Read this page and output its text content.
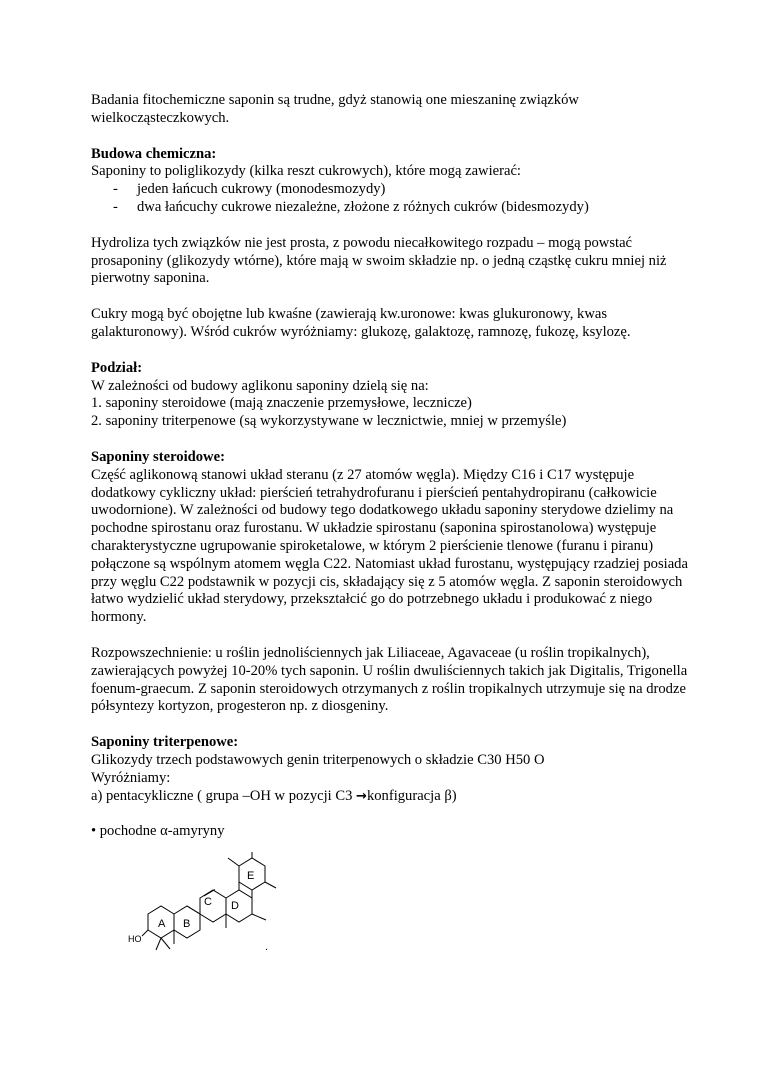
Badania fitochemiczne saponin są trudne, gdyż stanowią one mieszaninę związków wielkocząsteczkowych.

Budowa chemiczna:

Saponiny to poliglikozydy (kilka reszt cukrowych), które mogą zawierać:

- jeden łańcuch cukrowy (monodesmozydy)

- dwa łańcuchy cukrowe niezależne, złożone z różnych cukrów (bidesmozydy)

Hydroliza tych związków nie jest prosta, z powodu niecałkowitego rozpadu – mogą powstać prosaponiny (glikozydy wtórne), które mają w swoim składzie np. o jedną cząstkę cukru mniej niż pierwotny saponina.

Cukry mogą być obojętne lub kwaśne (zawierają kw.uronowe: kwas glukuronowy, kwas galakturonowy). Wśród cukrów wyróżniamy: glukozę, galaktozę, ramnozę, fukozę, ksylozę.

Podział:

W zależności od budowy aglikonu saponiny dzielą się na:

1. saponiny steroidowe (mają znaczenie przemysłowe, lecznicze)

2. saponiny triterpenowe (są wykorzystywane w lecznictwie, mniej w przemyśle)

Saponiny steroidowe:

Część aglikonową stanowi układ steranu (z 27 atomów węgla). Między C16 i C17 występuje dodatkowy cykliczny układ: pierścień tetrahydrofuranu i pierścień pentahydropiranu (całkowicie uwodornione). W zależności od budowy tego dodatkowego układu saponiny sterydowe dzielimy na pochodne spirostanu oraz furostanu. W układzie spirostanu (saponina spirostanolowa) występuje charakterystyczne ugrupowanie spiroketalowe, w którym 2 pierścienie tlenowe (furanu i piranu) połączone są wspólnym atomem węgla C22. Natomiast układ furostanu, występujący rzadziej posiada przy węglu C22 podstawnik w pozycji cis, składający się z 5 atomów węgla. Z saponin steroidowych łatwo wydzielić układ sterydowy, przekształcić go do potrzebnego układu i produkować z niego hormony.

Rozpowszechnienie: u roślin jednoliściennych jak Liliaceae, Agavaceae (u roślin tropikalnych), zawierających powyżej 10-20% tych saponin. U roślin dwuliściennych takich jak Digitalis, Trigonella foenum-graecum. Z saponin steroidowych otrzymanych z roślin tropikalnych utrzymuje się na drodze półsyntezy kortyzon, progesteron np. z diosgeniny.

Saponiny triterpenowe:

Glikozydy trzech podstawowych genin triterpenowych o składzie C30 H50 O

Wyróżniamy:

a) pentacykliczne ( grupa –OH w pozycji C3 →konfiguracja β)

• pochodne α-amyryny

A B
C D
E
HO
.
